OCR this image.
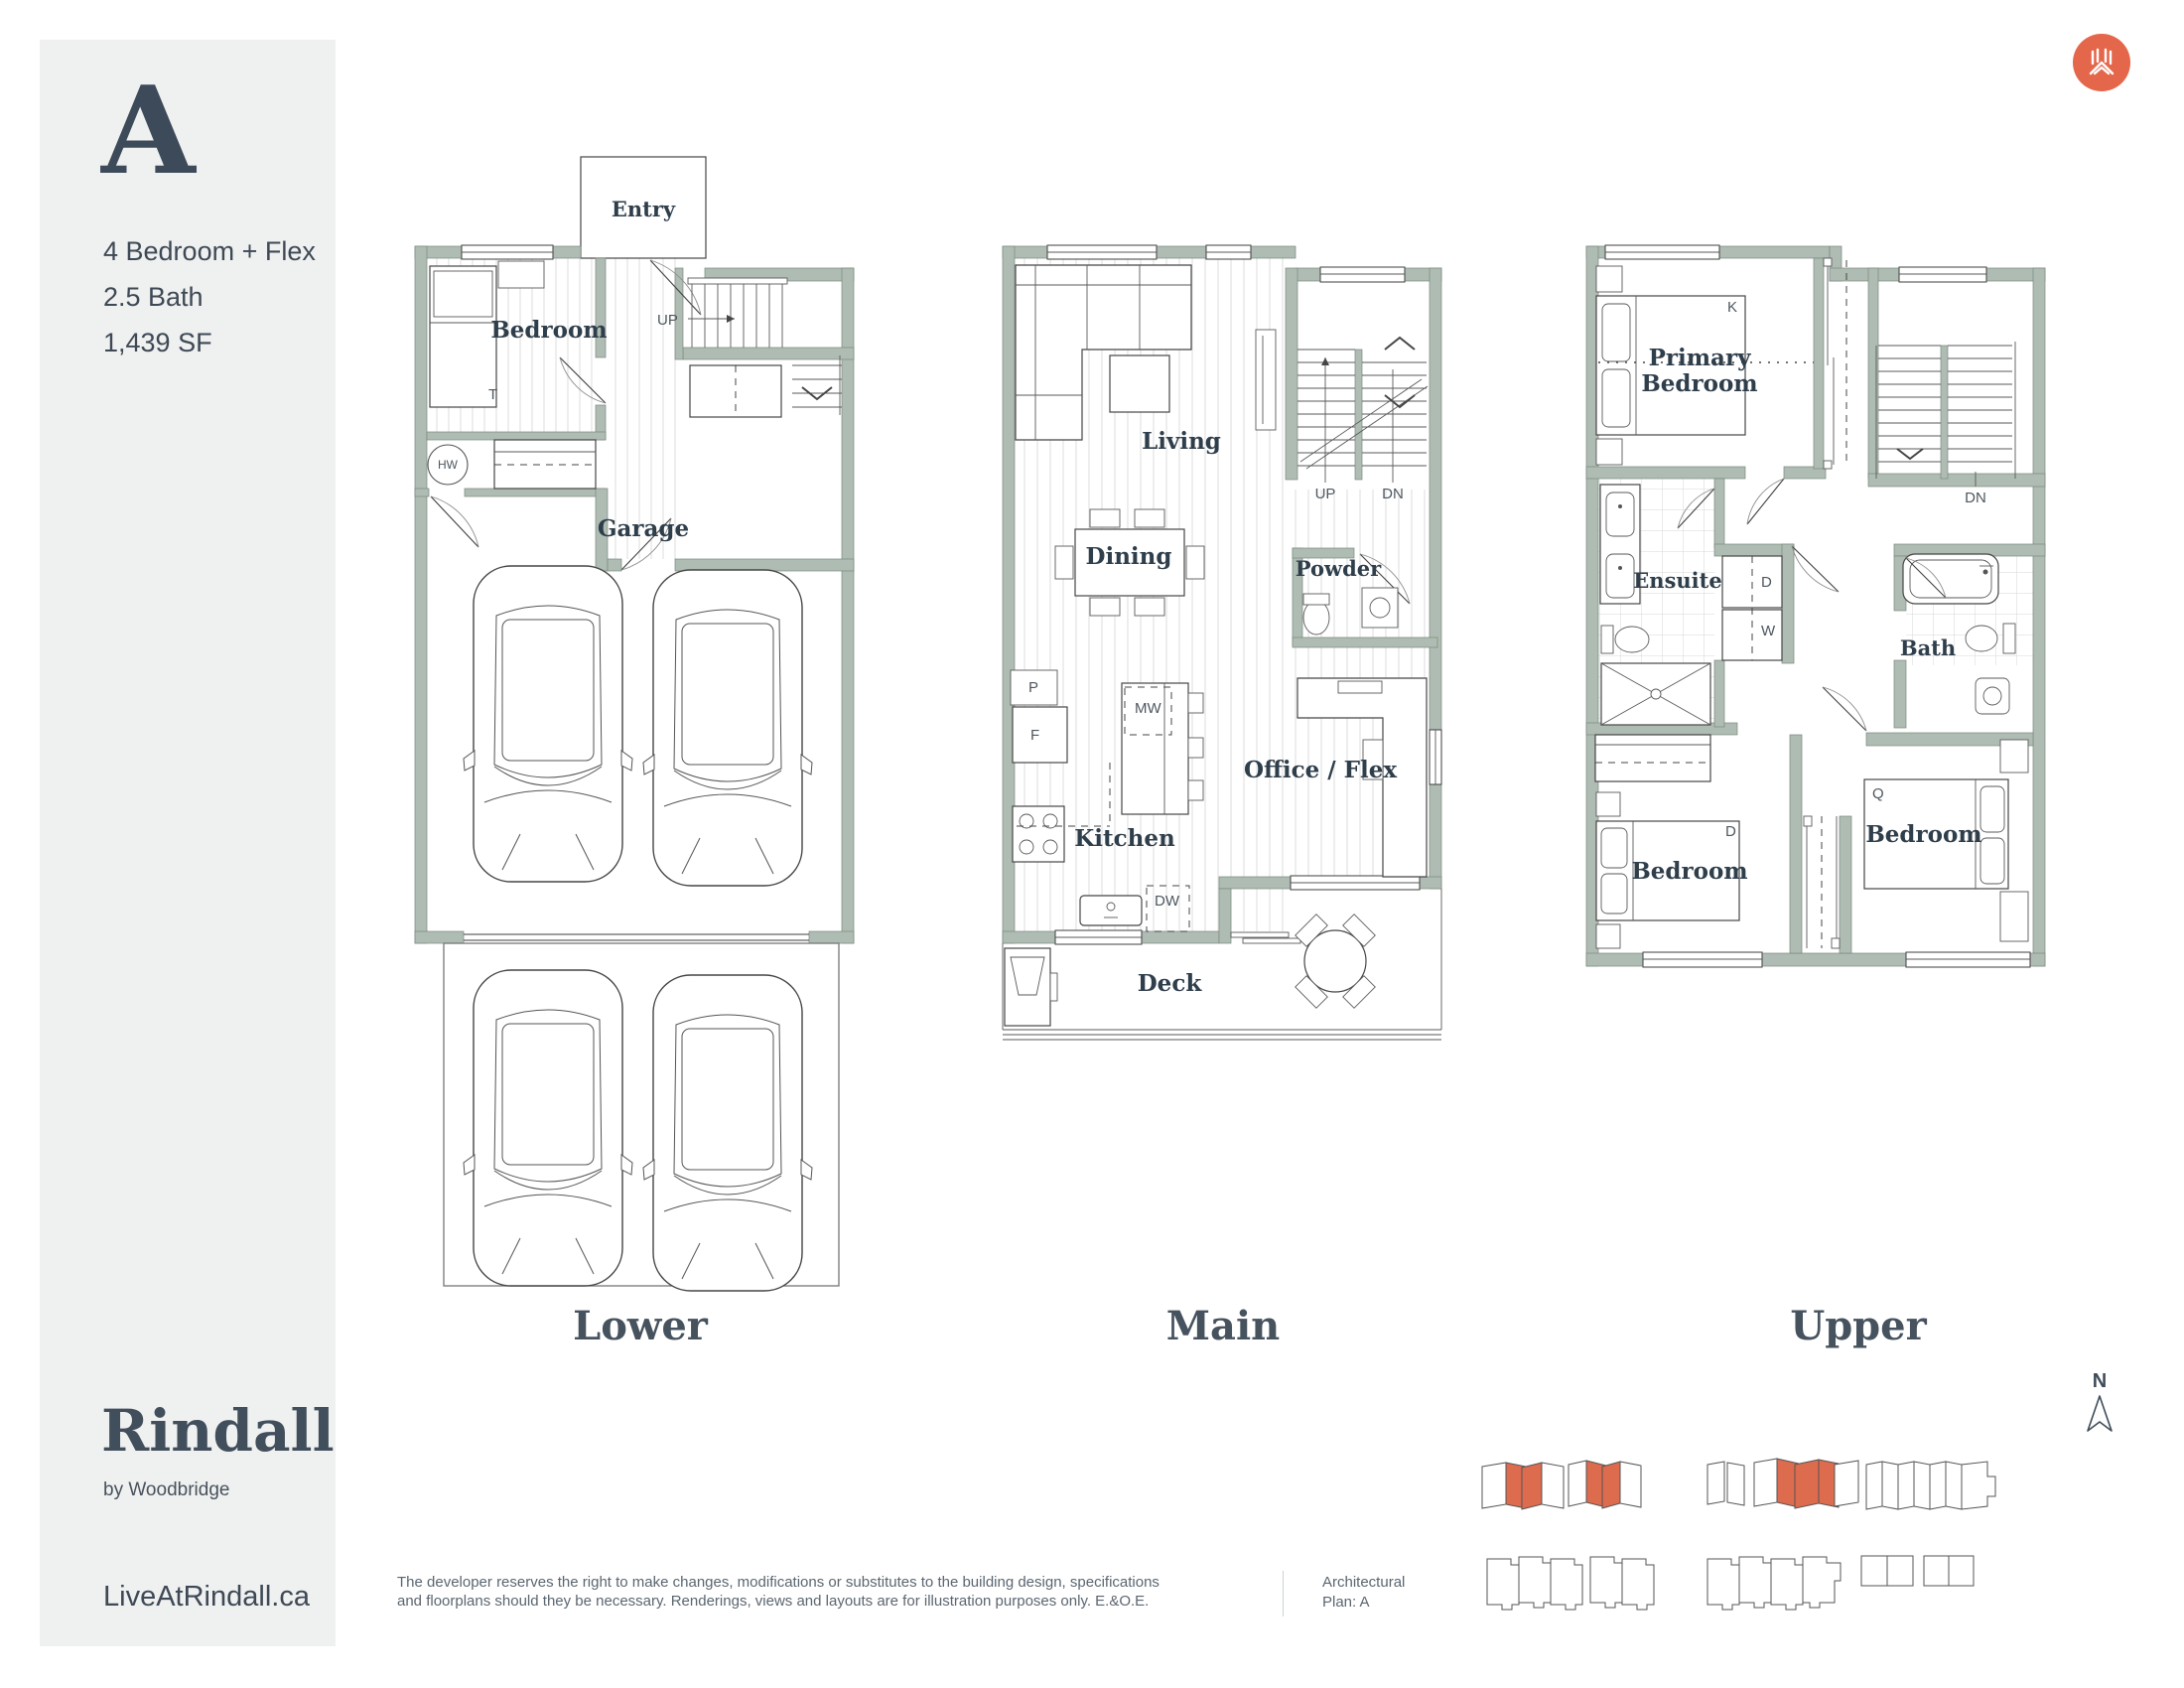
A
4 Bedroom + Flex
2.5 Bath
1,439 SF
Rindall
by Woodbridge
LiveAtRindall.ca
Entry
T
Bedroom	UP
HW
Garage
Lower
Living
UP	DN
Dining	Powder
P
F
MW
Kitchen
DW
Office / Flex
Deck
Main
K
Primary
Bedroom
DN
Ensuite	D
W
Bath
D
Bedroom
Q
Bedroom
Upper
The developer reserves the right to make changes, modifications or substitutes to the building design, specifications
and floorplans should they be necessary. Renderings, views and layouts are for illustration purposes only. E.&O.E.
Architectural
Plan: A
N
